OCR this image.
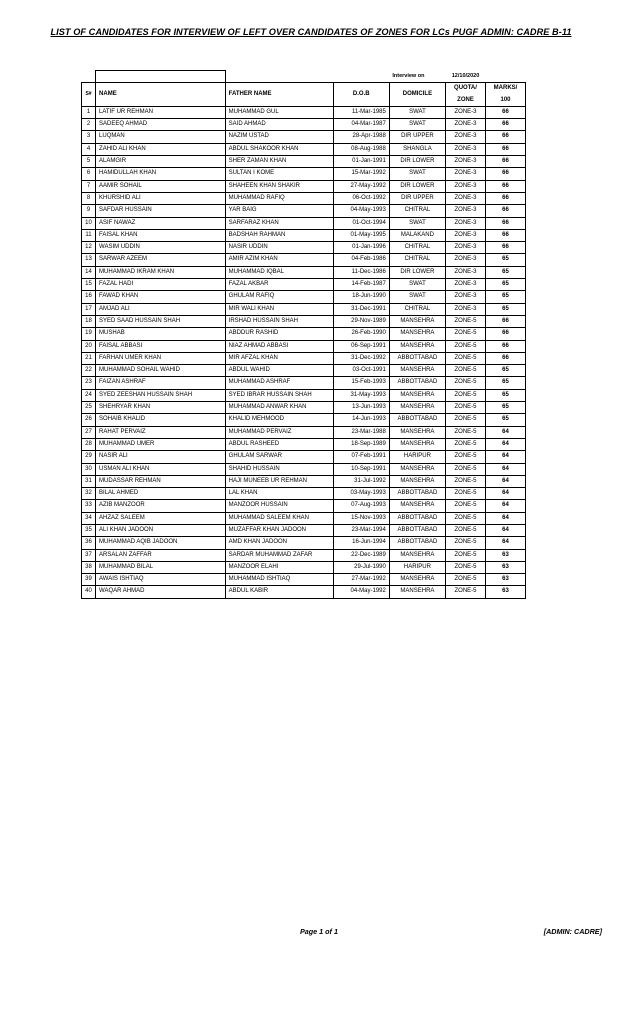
LIST OF CANDIDATES FOR INTERVIEW OF LEFT OVER CANDIDATES OF ZONES FOR LCs PUGF ADMIN: CADRE B-11
				Interview on	12/10/2020	
S#	NAME	FATHER NAME	D.O.B	DOMICILE	QUOTA/ ZONE	MARKS/ 100
1	LATIF UR REHMAN	MUHAMMAD GUL	11-Mar-1985	SWAT	ZONE-3	66
2	SADEEQ AHMAD	SAID AHMAD	04-Mar-1987	SWAT	ZONE-3	66
3	LUQMAN	NAZIM USTAD	28-Apr-1988	DIR UPPER	ZONE-3	66
4	ZAHID ALI KHAN	ABDUL SHAKOOR KHAN	08-Aug-1988	SHANGLA	ZONE-3	66
5	ALAMGIR	SHER ZAMAN KHAN	01-Jan-1991	DIR LOWER	ZONE-3	66
6	HAMIDULLAH KHAN	SULTAN I KOME	15-Mar-1992	SWAT	ZONE-3	66
7	AAMIR SOHAIL	SHAHEEN KHAN SHAKIR	27-May-1992	DIR LOWER	ZONE-3	66
8	KHURSHID ALI	MUHAMMAD RAFIQ	06-Oct-1992	DIR UPPER	ZONE-3	66
9	SAFDAR HUSSAIN	YAR BAIG	04-May-1993	CHITRAL	ZONE-3	66
10	ASIF NAWAZ	SARFARAZ KHAN	01-Oct-1994	SWAT	ZONE-3	66
11	FAISAL KHAN	BADSHAH RAHMAN	01-May-1995	MALAKAND	ZONE-3	66
12	WASIM UDDIN	NASIR UDDIN	01-Jan-1996	CHITRAL	ZONE-3	66
13	SARWAR AZEEM	AMIR AZIM KHAN	04-Feb-1986	CHITRAL	ZONE-3	65
14	MUHAMMAD IKRAM KHAN	MUHAMMAD IQBAL	11-Dec-1986	DIR LOWER	ZONE-3	65
15	FAZAL HADI	FAZAL AKBAR	14-Feb-1987	SWAT	ZONE-3	65
16	FAWAD KHAN	GHULAM RAFIQ	18-Jun-1990	SWAT	ZONE-3	65
17	AMJAD ALI	MIR WALI KHAN	31-Dec-1991	CHITRAL	ZONE-3	65
18	SYED SAAD HUSSAIN SHAH	IRSHAD HUSSAIN SHAH	29-Nov-1989	MANSEHRA	ZONE-5	66
19	MUSHAB	ABDDUR RASHID	26-Feb-1990	MANSEHRA	ZONE-5	66
20	FAISAL ABBASI	NIAZ AHMAD ABBASI	06-Sep-1991	MANSEHRA	ZONE-5	66
21	FARHAN UMER KHAN	MIR AFZAL KHAN	31-Dec-1992	ABBOTTABAD	ZONE-5	66
22	MUHAMMAD SOHAIL WAHID	ABDUL WAHID	03-Oct-1991	MANSEHRA	ZONE-5	65
23	FAIZAN ASHRAF	MUHAMMAD ASHRAF	15-Feb-1993	ABBOTTABAD	ZONE-5	65
24	SYED ZEESHAN HUSSAIN SHAH	SYED IBRAR HUSSAIN SHAH	31-May-1993	MANSEHRA	ZONE-5	65
25	SHEHRYAR KHAN	MUHAMMAD ANWAR KHAN	13-Jun-1993	MANSEHRA	ZONE-5	65
26	SOHAIB KHALID	KHALID MEHMOOD	14-Jun-1993	ABBOTTABAD	ZONE-5	65
27	RAHAT PERVAIZ	MUHAMMAD PERVAIZ	23-Mar-1988	MANSEHRA	ZONE-5	64
28	MUHAMMAD UMER	ABDUL RASHEED	18-Sep-1989	MANSEHRA	ZONE-5	64
29	NASIR ALI	GHULAM SARWAR	07-Feb-1991	HARIPUR	ZONE-5	64
30	USMAN ALI KHAN	SHAHID HUSSAIN	10-Sep-1991	MANSEHRA	ZONE-5	64
31	MUDASSAR REHMAN	HAJI MUNEEB UR REHMAN	31-Jul-1992	MANSEHRA	ZONE-5	64
32	BILAL AHMED	LAL KHAN	03-May-1993	ABBOTTABAD	ZONE-5	64
33	AZIB MANZOOR	MANZOOR HUSSAIN	07-Aug-1993	MANSEHRA	ZONE-5	64
34	AHZAZ SALEEM	MUHAMMAD SALEEM KHAN	15-Nov-1993	ABBOTTABAD	ZONE-5	64
35	ALI KHAN JADOON	MUZAFFAR KHAN JADOON	23-Mar-1994	ABBOTTABAD	ZONE-5	64
36	MUHAMMAD AQIB JADOON	AMD KHAN JADOON	16-Jun-1994	ABBOTTABAD	ZONE-5	64
37	ARSALAN ZAFFAR	SARDAR MUHAMMAD ZAFAR	22-Dec-1989	MANSEHRA	ZONE-5	63
38	MUHAMMAD BILAL	MANZOOR ELAHI	29-Jul-1990	HARIPUR	ZONE-5	63
39	AWAIS ISHTIAQ	MUHAMMAD ISHTIAQ	27-Mar-1992	MANSEHRA	ZONE-5	63
40	WAQAR AHMAD	ABDUL KABIR	04-May-1992	MANSEHRA	ZONE-5	63
Page 1 of 1	[ADMIN: CADRE]
